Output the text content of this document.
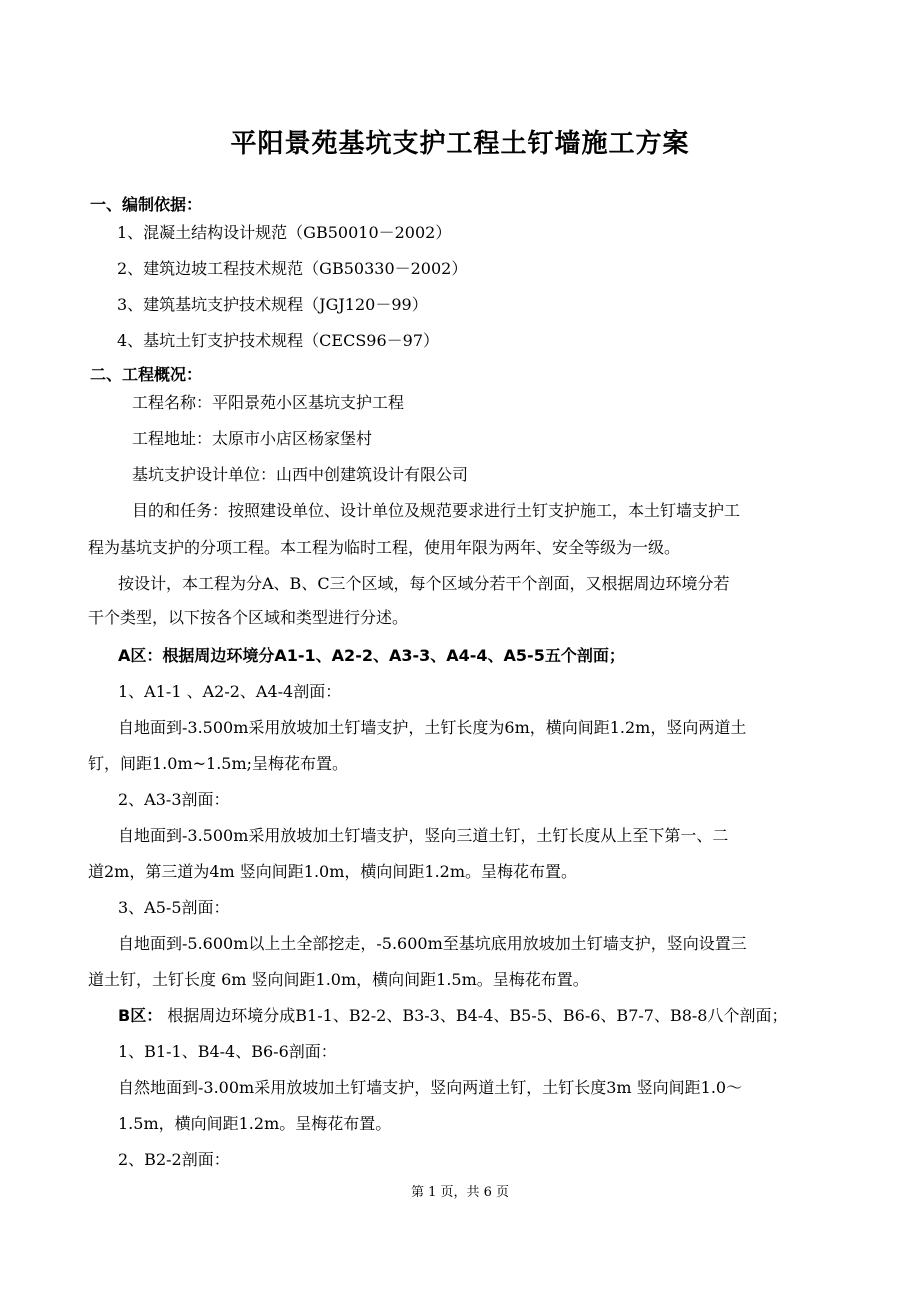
平阳景苑基坑支护工程土钉墙施工方案
一、编制依据：
1、混凝土结构设计规范（GB50010－2002）
2、建筑边坡工程技术规范（GB50330－2002）
3、建筑基坑支护技术规程（JGJ120－99）
4、基坑土钉支护技术规程（CECS96－97）
二、工程概况：
工程名称：平阳景苑小区基坑支护工程
工程地址：太原市小店区杨家堡村
基坑支护设计单位：山西中创建筑设计有限公司
目的和任务：按照建设单位、设计单位及规范要求进行土钉支护施工，本土钉墙支护工
程为基坑支护的分项工程。本工程为临时工程，使用年限为两年、安全等级为一级。
按设计，本工程为分A、B、C三个区域，每个区域分若干个剖面，又根据周边环境分若
干个类型，以下按各个区域和类型进行分述。
A区：根据周边环境分A1-1、A2-2、A3-3、A4-4、A5-5五个剖面；
1、A1-1 、A2-2、A4-4剖面：
自地面到-3.500m采用放坡加土钉墙支护，土钉长度为6m，横向间距1.2m，竖向两道土
钉，间距1.0m~1.5m;呈梅花布置。
2、A3-3剖面：
自地面到-3.500m采用放坡加土钉墙支护，竖向三道土钉，土钉长度从上至下第一、二
道2m，第三道为4m 竖向间距1.0m，横向间距1.2m。呈梅花布置。
3、A5-5剖面：
自地面到-5.600m以上土全部挖走，-5.600m至基坑底用放坡加土钉墙支护，竖向设置三
道土钉，土钉长度 6m 竖向间距1.0m，横向间距1.5m。呈梅花布置。
B区： 根据周边环境分成B1-1、B2-2、B3-3、B4-4、B5-5、B6-6、B7-7、B8-8八个剖面；
1、B1-1、B4-4、B6-6剖面：
自然地面到-3.00m采用放坡加土钉墙支护，竖向两道土钉，土钉长度3m 竖向间距1.0～
1.5m，横向间距1.2m。呈梅花布置。
2、B2-2剖面：
第 1 页，共 6 页
